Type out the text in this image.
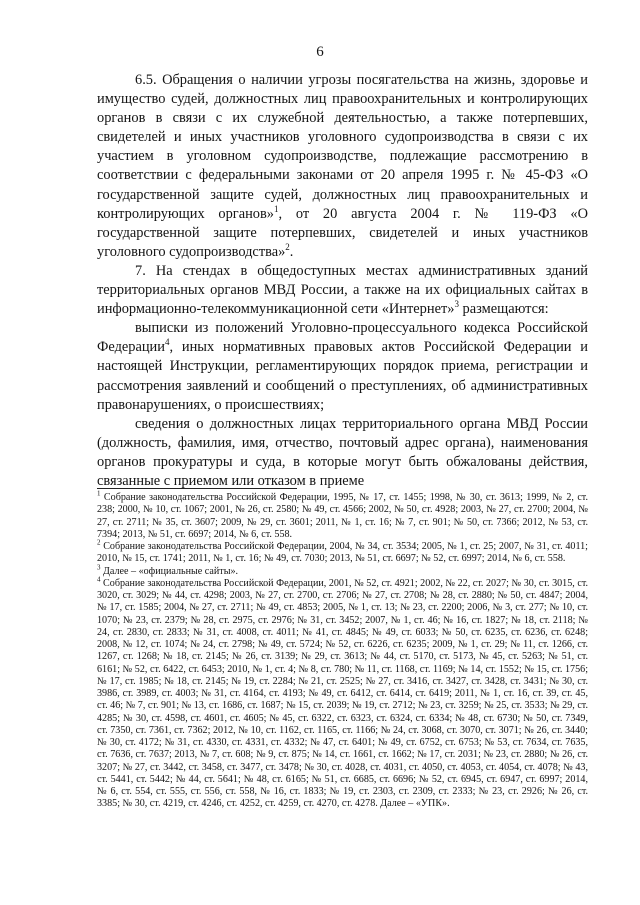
6

6.5. Обращения о наличии угрозы посягательства на жизнь, здоровье и имущество судей, должностных лиц правоохранительных и контролирующих органов в связи с их служебной деятельностью, а также потерпевших, свидетелей и иных участников уголовного судопроизводства в связи с их участием в уголовном судопроизводстве, подлежащие рассмотрению в соответствии с федеральными законами от 20 апреля 1995 г. № 45-ФЗ «О государственной защите судей, должностных лиц правоохранительных и контролирующих органов»$^1$, от 20 августа 2004 г. № 119-ФЗ «О государственной защите потерпевших, свидетелей и иных участников уголовного судопроизводства»$^2$.

7. На стендах в общедоступных местах административных зданий территориальных органов МВД России, а также на их официальных сайтах в информационно-телекоммуникационной сети «Интернет»$^3$ размещаются:

выписки из положений Уголовно-процессуального кодекса Российской Федерации$^4$, иных нормативных правовых актов Российской Федерации и настоящей Инструкции, регламентирующих порядок приема, регистрации и рассмотрения заявлений и сообщений о преступлениях, об административных правонарушениях, о происшествиях;

сведения о должностных лицах территориального органа МВД России (должность, фамилия, имя, отчество, почтовый адрес органа), наименования органов прокуратуры и суда, в которые могут быть обжалованы действия, связанные с приемом или отказом в приеме

$^1$ Собрание законодательства Российской Федерации, 1995, № 17, ст. 1455; 1998, № 30, ст. 3613; 1999, № 2, ст. 238; 2000, № 10, ст. 1067; 2001, № 26, ст. 2580; № 49, ст. 4566; 2002, № 50, ст. 4928; 2003, № 27, ст. 2700; 2004, № 27, ст. 2711; № 35, ст. 3607; 2009, № 29, ст. 3601; 2011, № 1, ст. 16; № 7, ст. 901; № 50, ст. 7366; 2012, № 53, ст. 7394; 2013, № 51, ст. 6697; 2014, № 6, ст. 558.

$^2$ Собрание законодательства Российской Федерации, 2004, № 34, ст. 3534; 2005, № 1, ст. 25; 2007, № 31, ст. 4011; 2010, № 15, ст. 1741; 2011, № 1, ст. 16; № 49, ст. 7030; 2013, № 51, ст. 6697; № 52, ст. 6997; 2014, № 6, ст. 558.

$^3$ Далее – «официальные сайты».

$^4$ Собрание законодательства Российской Федерации, 2001, № 52, ст. 4921; 2002, № 22, ст. 2027; № 30, ст. 3015, ст. 3020, ст. 3029; № 44, ст. 4298; 2003, № 27, ст. 2700, ст. 2706; № 27, ст. 2708; № 28, ст. 2880; № 50, ст. 4847; 2004, № 17, ст. 1585; 2004, № 27, ст. 2711; № 49, ст. 4853; 2005, № 1, ст. 13; № 23, ст. 2200; 2006, № 3, ст. 277; № 10, ст. 1070; № 23, ст. 2379; № 28, ст. 2975, ст. 2976; № 31, ст. 3452; 2007, № 1, ст. 46; № 16, ст. 1827; № 18, ст. 2118; № 24, ст. 2830, ст. 2833; № 31, ст. 4008, ст. 4011; № 41, ст. 4845; № 49, ст. 6033; № 50, ст. 6235, ст. 6236, ст. 6248; 2008, № 12, ст. 1074; № 24, ст. 2798; № 49, ст. 5724; № 52, ст. 6226, ст. 6235; 2009, № 1, ст. 29; № 11, ст. 1266, ст. 1267, ст. 1268; № 18, ст. 2145; № 26, ст. 3139; № 29, ст. 3613; № 44, ст. 5170, ст. 5173, № 45, ст. 5263; № 51, ст. 6161; № 52, ст. 6422, ст. 6453; 2010, № 1, ст. 4; № 8, ст. 780; № 11, ст. 1168, ст. 1169; № 14, ст. 1552; № 15, ст. 1756; № 17, ст. 1985; № 18, ст. 2145; № 19, ст. 2284; № 21, ст. 2525; № 27, ст. 3416, ст. 3427, ст. 3428, ст. 3431; № 30, ст. 3986, ст. 3989, ст. 4003; № 31, ст. 4164, ст. 4193; № 49, ст. 6412, ст. 6414, ст. 6419; 2011, № 1, ст. 16, ст. 39, ст. 45, ст. 46; № 7, ст. 901; № 13, ст. 1686, ст. 1687; № 15, ст. 2039; № 19, ст. 2712; № 23, ст. 3259; № 25, ст. 3533; № 29, ст. 4285; № 30, ст. 4598, ст. 4601, ст. 4605; № 45, ст. 6322, ст. 6323, ст. 6324, ст. 6334; № 48, ст. 6730; № 50, ст. 7349, ст. 7350, ст. 7361, ст. 7362; 2012, № 10, ст. 1162, ст. 1165, ст. 1166; № 24, ст. 3068, ст. 3070, ст. 3071; № 26, ст. 3440; № 30, ст. 4172; № 31, ст. 4330, ст. 4331, ст. 4332; № 47, ст. 6401; № 49, ст. 6752, ст. 6753; № 53, ст. 7634, ст. 7635, ст. 7636, ст. 7637; 2013, № 7, ст. 608; № 9, ст. 875; № 14, ст. 1661, ст. 1662; № 17, ст. 2031; № 23, ст. 2880; № 26, ст. 3207; № 27, ст. 3442, ст. 3458, ст. 3477, ст. 3478; № 30, ст. 4028, ст. 4031, ст. 4050, ст. 4053, ст. 4054, ст. 4078; № 43, ст. 5441, ст. 5442; № 44, ст. 5641; № 48, ст. 6165; № 51, ст. 6685, ст. 6696; № 52, ст. 6945, ст. 6947, ст. 6997; 2014, № 6, ст. 554, ст. 555, ст. 556, ст. 558, № 16, ст. 1833; № 19, ст. 2303, ст. 2309, ст. 2333; № 23, ст. 2926; № 26, ст. 3385; № 30, ст. 4219, ст. 4246, ст. 4252, ст. 4259, ст. 4270, ст. 4278. Далее – «УПК».
